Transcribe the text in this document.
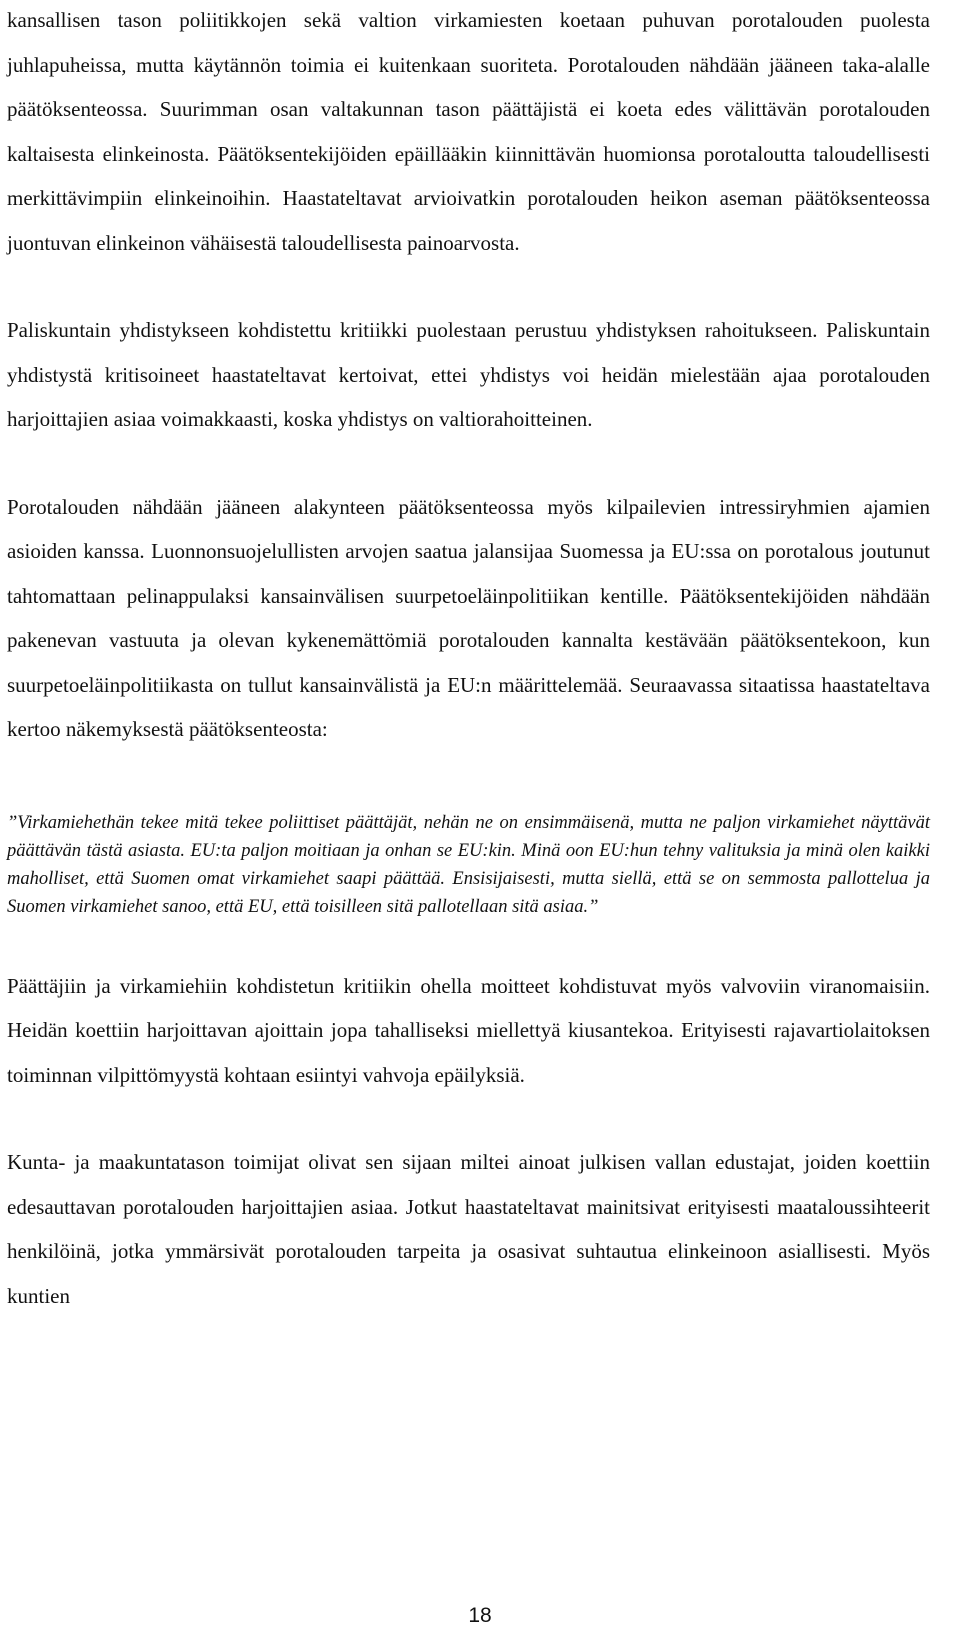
kansallisen tason poliitikkojen sekä valtion virkamiesten koetaan puhuvan porotalouden puolesta juhlapuheissa, mutta käytännön toimia ei kuitenkaan suoriteta. Porotalouden nähdään jääneen taka-alalle päätöksenteossa. Suurimman osan valtakunnan tason päättäjistä ei koeta edes välittävän porotalouden kaltaisesta elinkeinosta. Päätöksentekijöiden epäillääkin kiinnittävän huomionsa porotaloutta taloudellisesti merkittävimpiin elinkeinoihin. Haastateltavat arvioivatkin porotalouden heikon aseman päätöksenteossa juontuvan elinkeinon vähäisestä taloudellisesta painoarvosta.

Paliskuntain yhdistykseen kohdistettu kritiikki puolestaan perustuu yhdistyksen rahoitukseen. Paliskuntain yhdistystä kritisoineet haastateltavat kertoivat, ettei yhdistys voi heidän mielestään ajaa porotalouden harjoittajien asiaa voimakkaasti, koska yhdistys on valtiorahoitteinen.

Porotalouden nähdään jääneen alakynteen päätöksenteossa myös kilpailevien intressiryhmien ajamien asioiden kanssa. Luonnonsuojelullisten arvojen saatua jalansijaa Suomessa ja EU:ssa on porotalous joutunut tahtomattaan pelinappulaksi kansainvälisen suurpetoeläinpolitiikan kentille. Päätöksentekijöiden nähdään pakenevan vastuuta ja olevan kykenemättömiä porotalouden kannalta kestävään päätöksentekoon, kun suurpetoeläinpolitiikasta on tullut kansainvälistä ja EU:n määrittelemää. Seuraavassa sitaatissa haastateltava kertoo näkemyksestä päätöksenteosta:

”Virkamiehethän tekee mitä tekee poliittiset päättäjät, nehän ne on ensimmäisenä, mutta ne paljon virkamiehet näyttävät päättävän tästä asiasta. EU:ta paljon moitiaan ja onhan se EU:kin. Minä oon EU:hun tehny valituksia ja minä olen kaikki maholliset, että Suomen omat virkamiehet saapi päättää. Ensisijaisesti, mutta siellä, että se on semmosta pallottelua ja Suomen virkamiehet sanoo, että EU, että toisilleen sitä pallotellaan sitä asiaa.”

Päättäjiin ja virkamiehiin kohdistetun kritiikin ohella moitteet kohdistuvat myös valvoviin viranomaisiin. Heidän koettiin harjoittavan ajoittain jopa tahalliseksi miellettyä kiusantekoa. Erityisesti rajavartiolaitoksen toiminnan vilpittömyystä kohtaan esiintyi vahvoja epäilyksiä.

Kunta- ja maakuntatason toimijat olivat sen sijaan miltei ainoat julkisen vallan edustajat, joiden koettiin edesauttavan porotalouden harjoittajien asiaa. Jotkut haastateltavat mainitsivat erityisesti maataloussihteerit henkilöinä, jotka ymmärsivät porotalouden tarpeita ja osasivat suhtautua elinkeinoon asiallisesti. Myös kuntien

18
